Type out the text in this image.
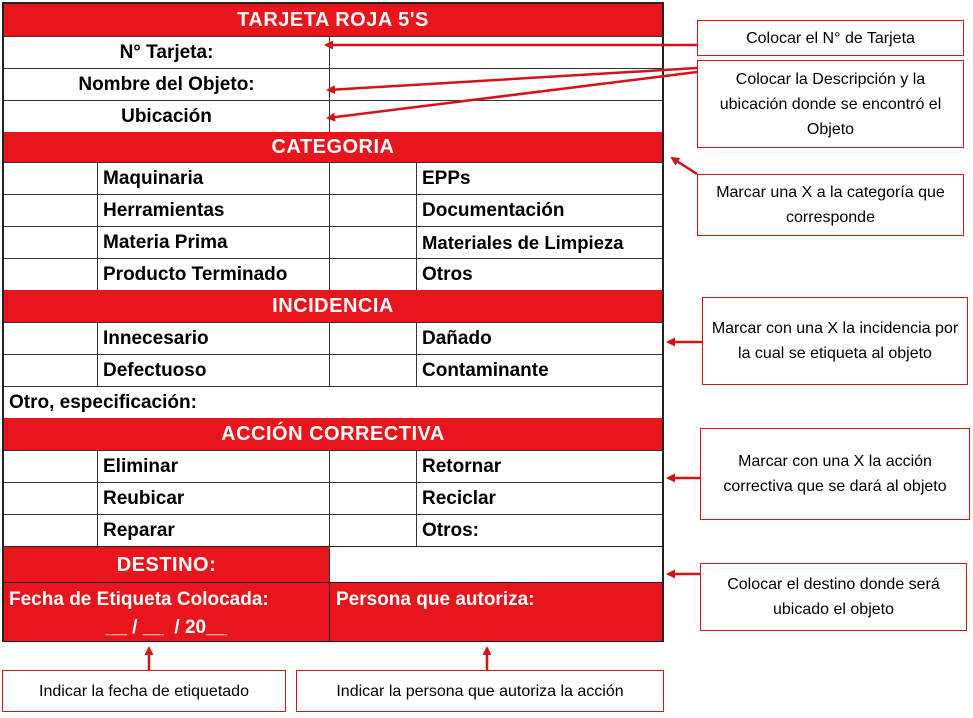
TARJETA ROJA 5'S
N° Tarjeta:
Nombre del Objeto:
Ubicación
CATEGORIA
Maquinaria	EPPs
Herramientas	Documentación
Materia Prima	Materiales de Limpieza
Producto Terminado	Otros
INCIDENCIA
Innecesario	Dañado
Defectuoso	Contaminante
Otro, especificación:
ACCIÓN CORRECTIVA
Eliminar	Retornar
Reubicar	Reciclar
Reparar	Otros:
DESTINO:
Fecha de Etiqueta Colocada:
__ / __  / 20__
Persona que autoriza:
Colocar el N° de Tarjeta
Colocar la Descripción y la ubicación donde se encontró el Objeto
Marcar una X a la categoría que corresponde
Marcar con una X la incidencia por la cual se etiqueta al objeto
Marcar con una X la acción correctiva que se dará al objeto
Colocar el destino donde será ubicado el objeto
Indicar la fecha de etiquetado	Indicar la persona que autoriza la acción
